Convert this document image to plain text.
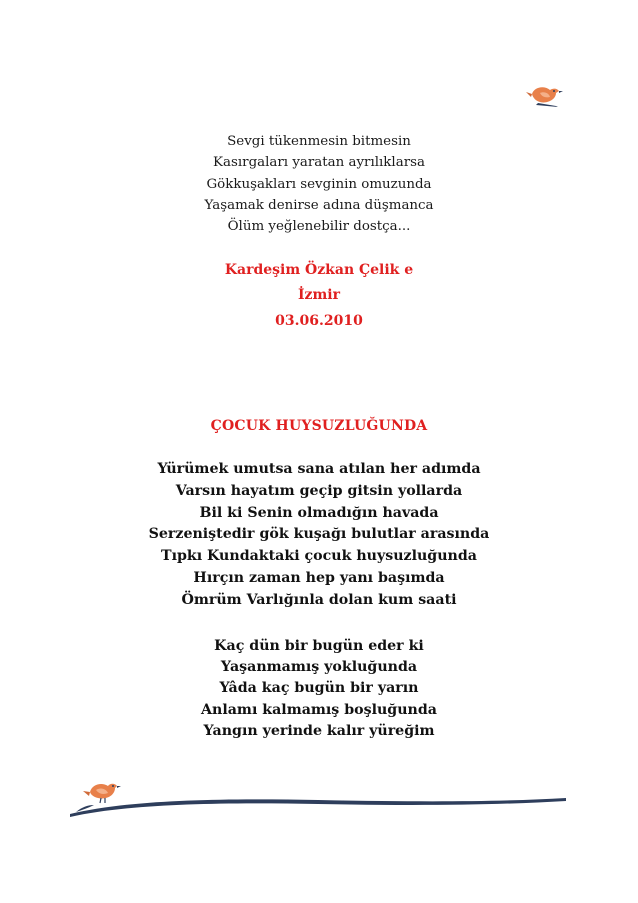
Sevgi tükenmesin bitmesin
Kasırgaları yaratan ayrılıklarsa
Gökkuşakları sevginin omuzunda
Yaşamak denirse adına düşmanca
Ölüm yeğlenebilir dostça...
Kardeşim Özkan Çelik e
İzmir
03.06.2010
ÇOCUK HUYSUZLUĞUNDA
Yürümek umutsa sana atılan her adımda
Varsın hayatım geçip gitsin yollarda
Bil ki Senin olmadığın havada
Serzeniştedir gök kuşağı bulutlar arasında
Tıpkı Kundaktaki çocuk huysuzluğunda
Hırçın zaman hep yanı başımda
Ömrüm Varlığınla dolan kum saati
Kaç dün bir bugün eder ki
Yaşanmamış yokluğunda
Yâda kaç bugün bir yarın
Anlamı kalmamış boşluğunda
Yangın yerinde kalır yüreğim
